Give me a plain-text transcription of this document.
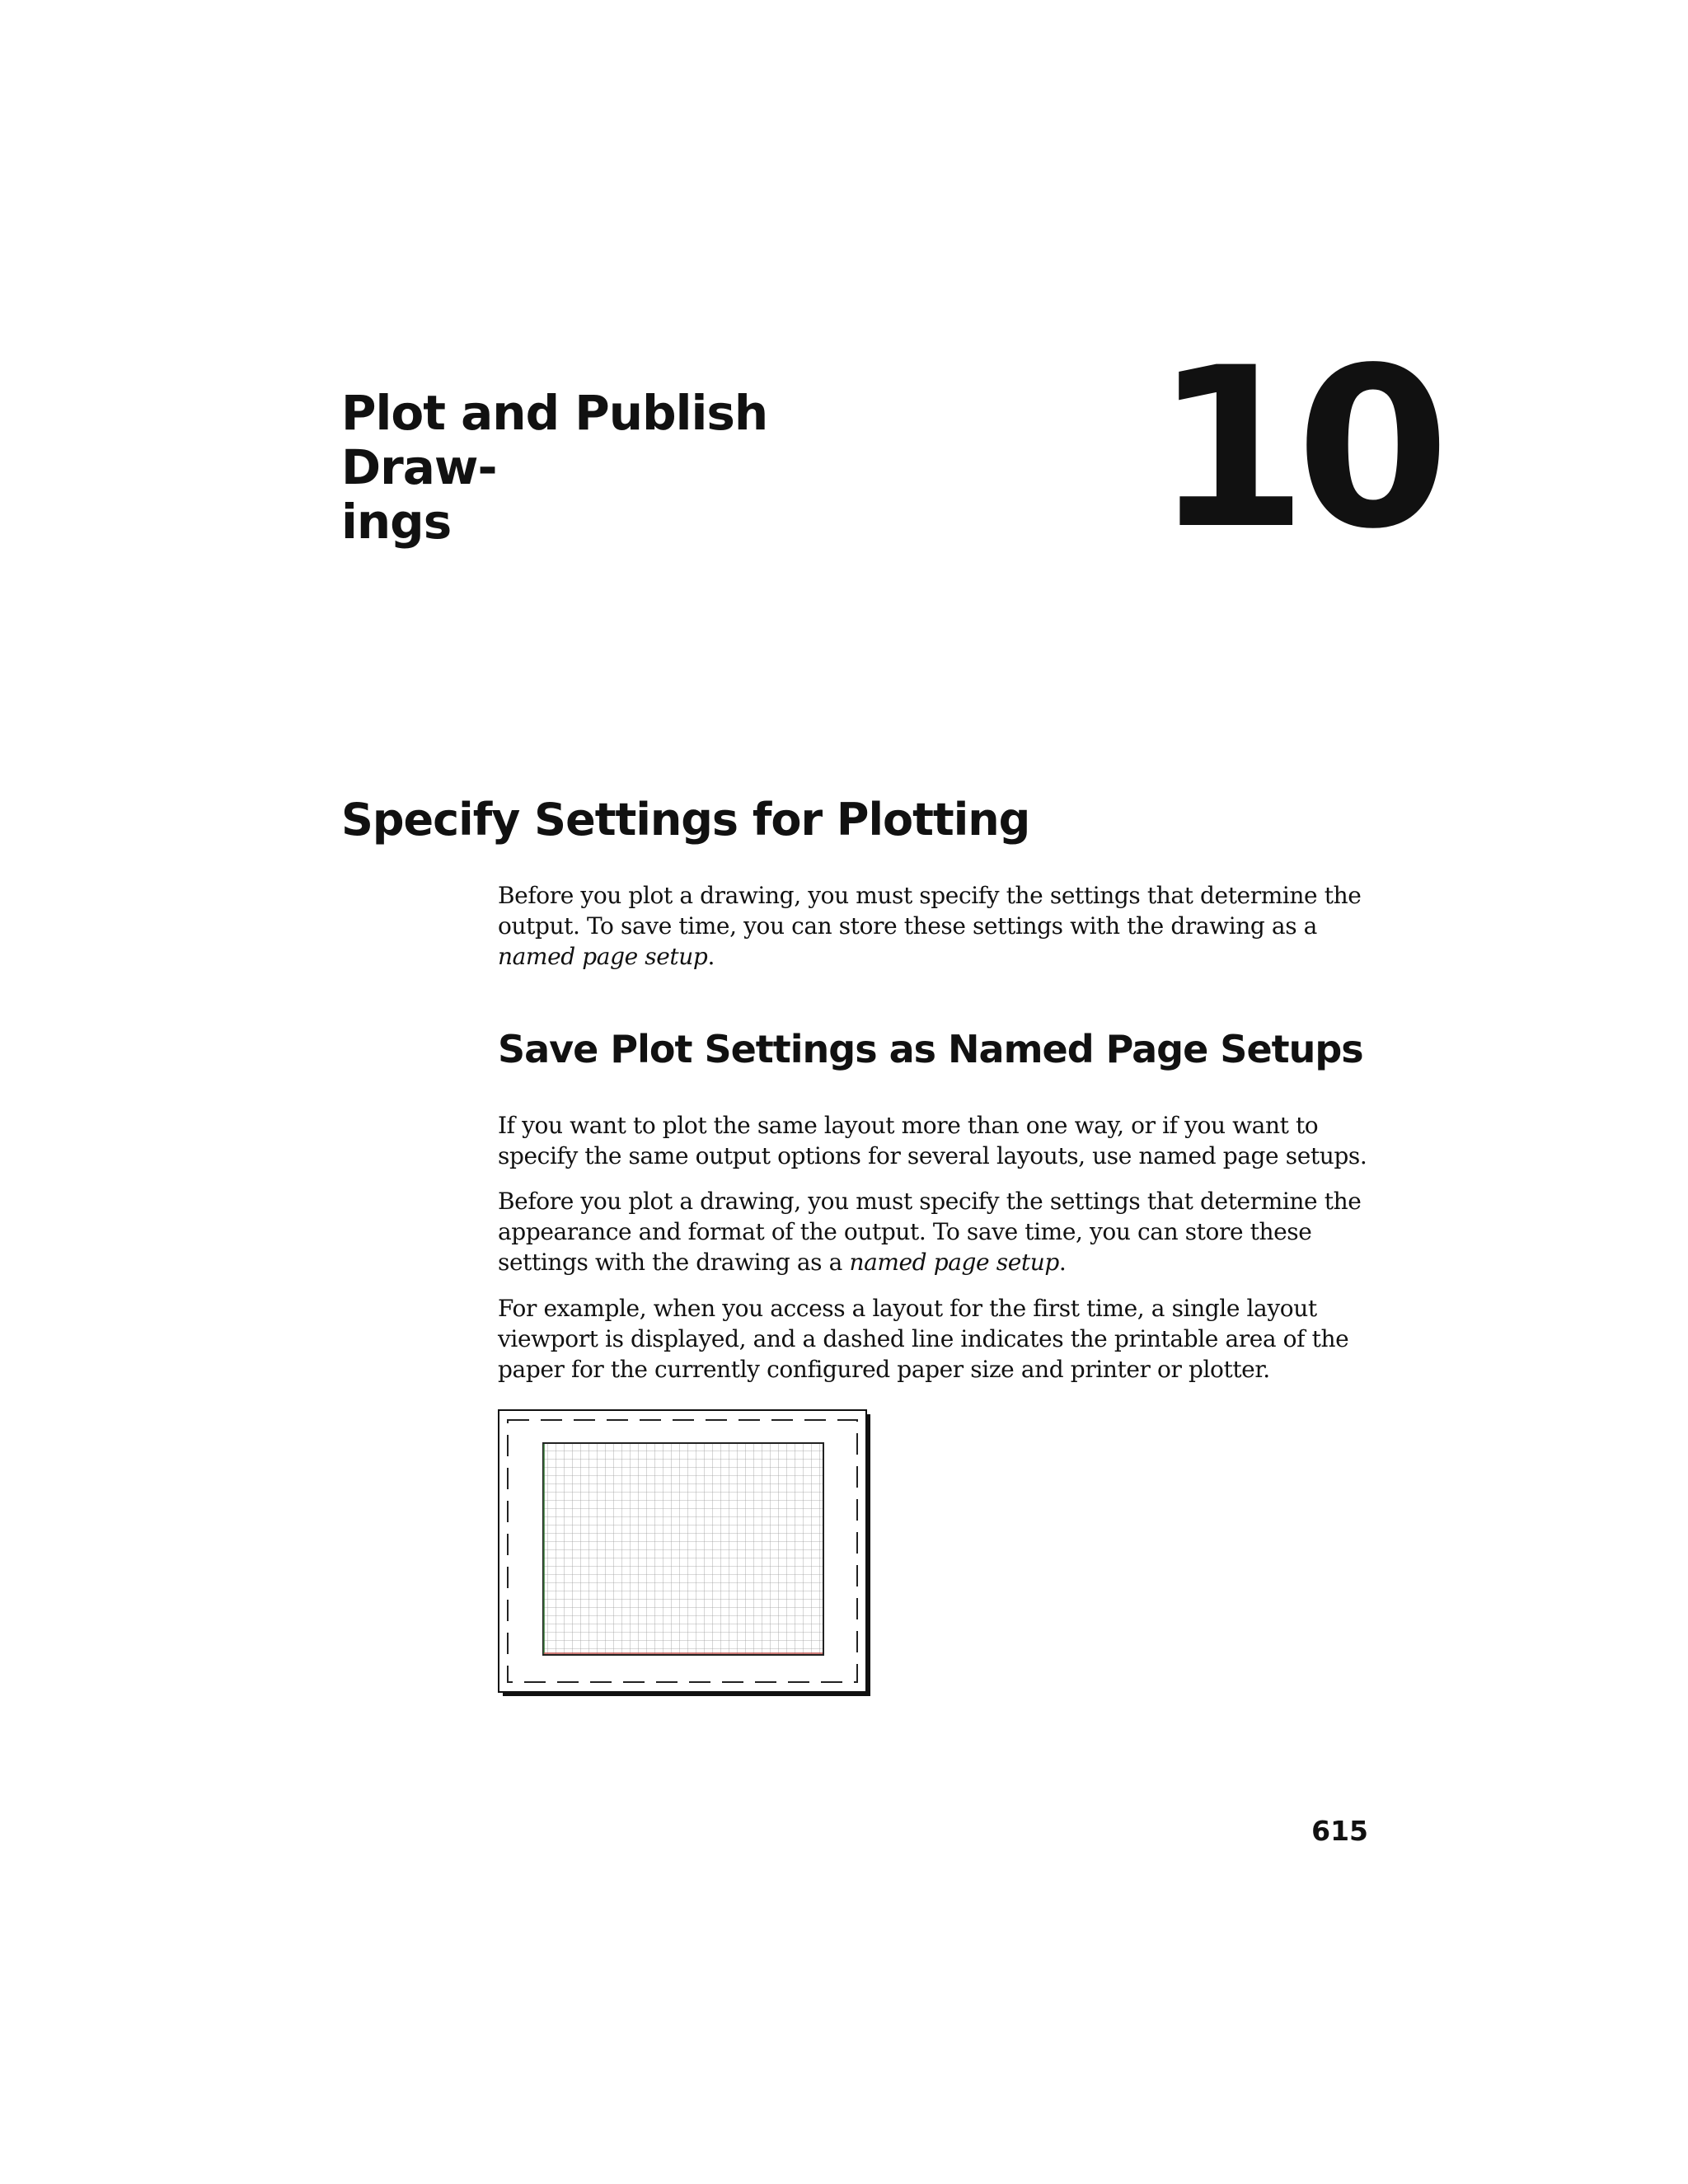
Plot and Publish Draw-
ings	10
Specify Settings for Plotting

Before you plot a drawing, you must specify the settings that determine the output. To save time, you can store these settings with the drawing as a named page setup.

Save Plot Settings as Named Page Setups

If you want to plot the same layout more than one way, or if you want to specify the same output options for several layouts, use named page setups.

Before you plot a drawing, you must specify the settings that determine the appearance and format of the output. To save time, you can store these settings with the drawing as a named page setup.

For example, when you access a layout for the first time, a single layout viewport is displayed, and a dashed line indicates the printable area of the paper for the currently configured paper size and printer or plotter.

615
